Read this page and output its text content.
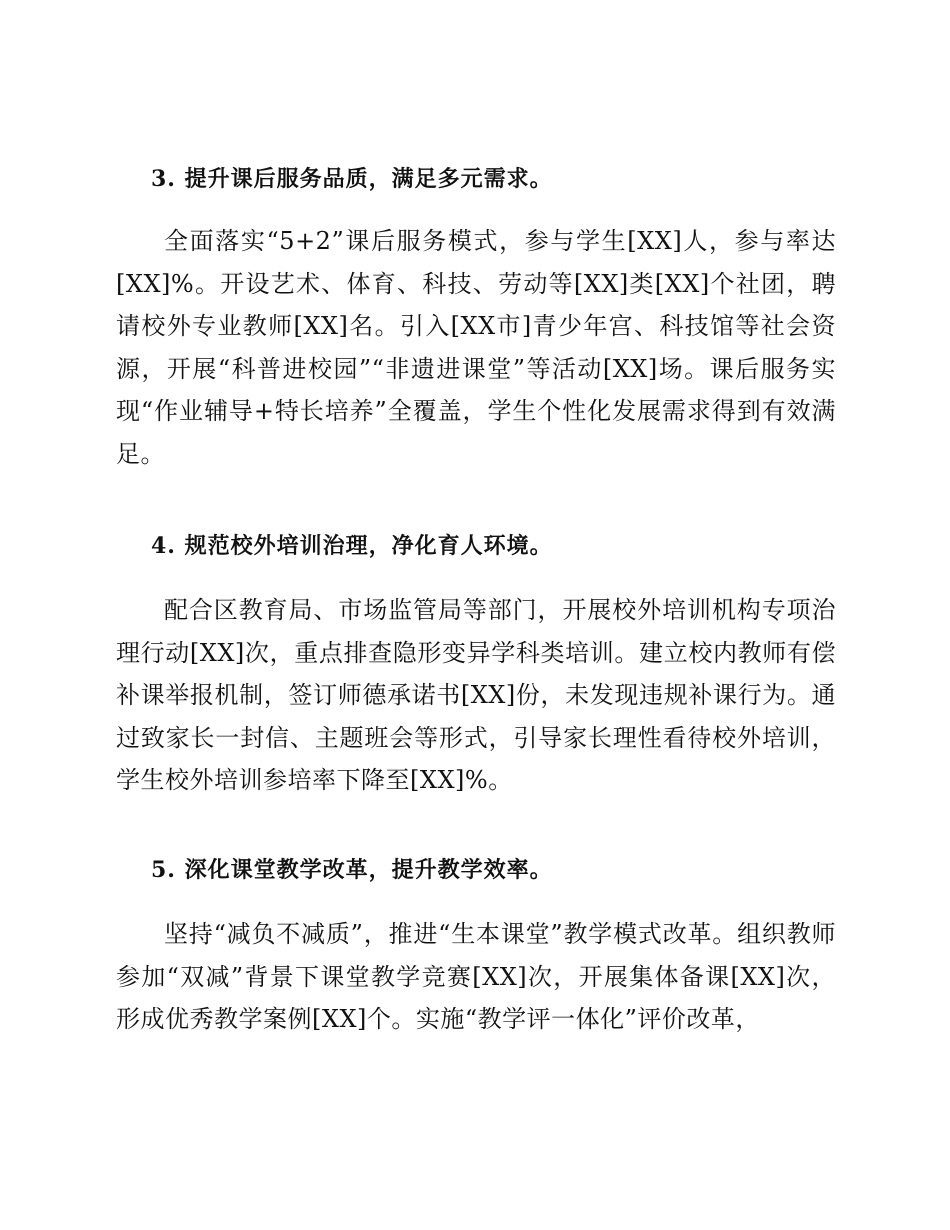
3. 提升课后服务品质，满足多元需求。

全面落实“5+2”课后服务模式，参与学生[XX]人，参与率达[XX]%。开设艺术、体育、科技、劳动等[XX]类[XX]个社团，聘请校外专业教师[XX]名。引入[XX市]青少年宫、科技馆等社会资源，开展“科普进校园”“非遗进课堂”等活动[XX]场。课后服务实现“作业辅导+特长培养”全覆盖，学生个性化发展需求得到有效满足。

4. 规范校外培训治理，净化育人环境。

配合区教育局、市场监管局等部门，开展校外培训机构专项治理行动[XX]次，重点排查隐形变异学科类培训。建立校内教师有偿补课举报机制，签订师德承诺书[XX]份，未发现违规补课行为。通过致家长一封信、主题班会等形式，引导家长理性看待校外培训，学生校外培训参培率下降至[XX]%。

5. 深化课堂教学改革，提升教学效率。

坚持“减负不减质”，推进“生本课堂”教学模式改革。组织教师参加“双减”背景下课堂教学竞赛[XX]次，开展集体备课[XX]次，形成优秀教学案例[XX]个。实施“教学评一体化”评价改革，
